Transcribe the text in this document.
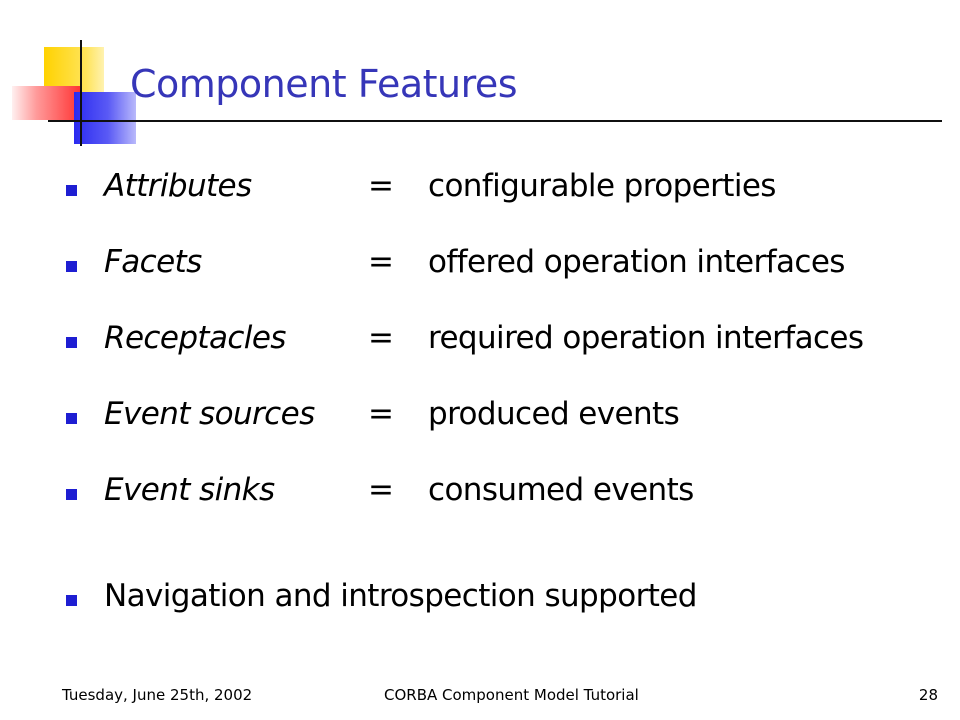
Component Features
Attributes	= configurable properties
Facets	= offered operation interfaces
Receptacles	= required operation interfaces
Event sources = produced events
Event sinks	= consumed events
Navigation and introspection supported
Tuesday, June 25th, 2002	CORBA Component Model Tutorial	28
